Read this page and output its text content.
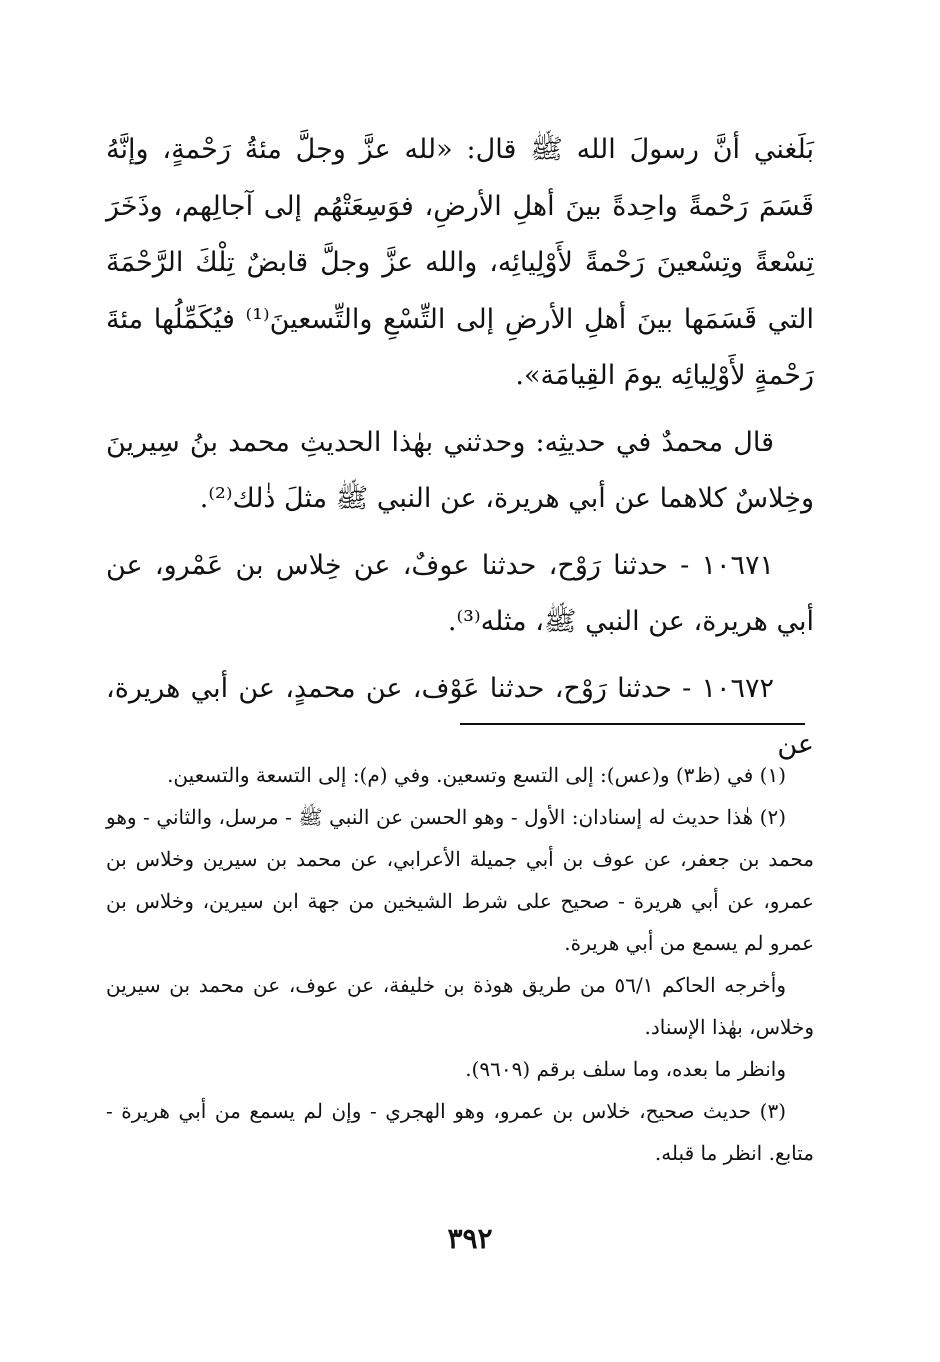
بَلَغني أنَّ رسولَ الله ﷺ قال: «لله عزَّ وجلَّ مئةُ رَحْمةٍ، وإنَّهُ قَسَمَ رَحْمةً واحِدةً بينَ أهلِ الأرضِ، فوَسِعَتْهُم إلى آجالِهم، وذَخَرَ تِسْعةً وتِسْعينَ رَحْمةً لأَوْلِيائِه، والله عزَّ وجلَّ قابضٌ تِلْكَ الرَّحْمَةَ التي قَسَمَها بينَ أهلِ الأرضِ إلى التِّسْعِ والتِّسعينَ⁽¹⁾ فيُكَمِّلُها مئةَ رَحْمةٍ لأَوْلِيائِه يومَ القِيامَة».

قال محمدٌ في حديثِه: وحدثني بهٰذا الحديثِ محمد بنُ سِيرينَ وخِلاسٌ كلاهما عن أبي هريرة، عن النبي ﷺ مثلَ ذٰلك⁽²⁾.

١٠٦٧١ - حدثنا رَوْح، حدثنا عوفٌ، عن خِلاس بن عَمْرو، عن أبي هريرة، عن النبي ﷺ، مثله⁽³⁾.

١٠٦٧٢ - حدثنا رَوْح، حدثنا عَوْف، عن محمدٍ، عن أبي هريرة، عن

(١) في (ظ٣) و(عس): إلى التسع وتسعين. وفي (م): إلى التسعة والتسعين.

(٢) هٰذا حديث له إسنادان: الأول - وهو الحسن عن النبي ﷺ - مرسل، والثاني - وهو محمد بن جعفر، عن عوف بن أبي جميلة الأعرابي، عن محمد بن سيرين وخلاس بن عمرو، عن أبي هريرة - صحيح على شرط الشيخين من جهة ابن سيرين، وخلاس بن عمرو لم يسمع من أبي هريرة.

وأخرجه الحاكم ٥٦/١ من طريق هوذة بن خليفة، عن عوف، عن محمد بن سيرين وخلاس، بهٰذا الإسناد.

وانظر ما بعده، وما سلف برقم (٩٦٠٩).

(٣) حديث صحيح، خلاس بن عمرو، وهو الهجري - وإن لم يسمع من أبي هريرة - متابع. انظر ما قبله.

٣٩٢
